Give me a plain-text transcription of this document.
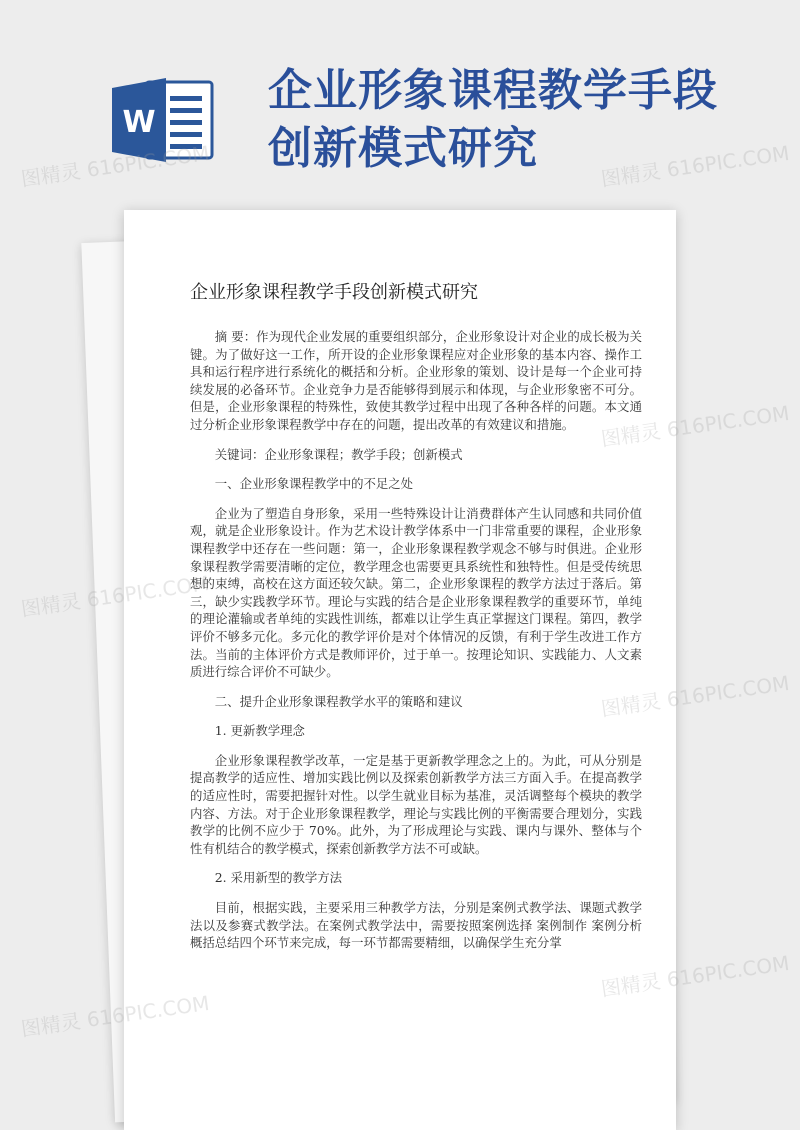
W
企业形象课程教学手段
创新模式研究
企业形象课程教学手段创新模式研究

摘 要：作为现代企业发展的重要组织部分，企业形象设计对企业的成长极为关键。为了做好这一工作，所开设的企业形象课程应对企业形象的基本内容、操作工具和运行程序进行系统化的概括和分析。企业形象的策划、设计是每一个企业可持续发展的必备环节。企业竞争力是否能够得到展示和体现，与企业形象密不可分。但是，企业形象课程的特殊性，致使其教学过程中出现了各种各样的问题。本文通过分析企业形象课程教学中存在的问题，提出改革的有效建议和措施。

关键词：企业形象课程；教学手段；创新模式

一、企业形象课程教学中的不足之处

企业为了塑造自身形象，采用一些特殊设计让消费群体产生认同感和共同价值观，就是企业形象设计。作为艺术设计教学体系中一门非常重要的课程，企业形象课程教学中还存在一些问题：第一，企业形象课程教学观念不够与时俱进。企业形象课程教学需要清晰的定位，教学理念也需要更具系统性和独特性。但是受传统思想的束缚，高校在这方面还较欠缺。第二，企业形象课程的教学方法过于落后。第三，缺少实践教学环节。理论与实践的结合是企业形象课程教学的重要环节，单纯的理论灌输或者单纯的实践性训练，都难以让学生真正掌握这门课程。第四，教学评价不够多元化。多元化的教学评价是对个体情况的反馈，有利于学生改进工作方法。当前的主体评价方式是教师评价，过于单一。按理论知识、实践能力、人文素质进行综合评价不可缺少。

二、提升企业形象课程教学水平的策略和建议

1. 更新教学理念

企业形象课程教学改革，一定是基于更新教学理念之上的。为此，可从分别是提高教学的适应性、增加实践比例以及探索创新教学方法三方面入手。在提高教学的适应性时，需要把握针对性。以学生就业目标为基准，灵活调整每个模块的教学内容、方法。对于企业形象课程教学，理论与实践比例的平衡需要合理划分，实践教学的比例不应少于 70%。此外，为了形成理论与实践、课内与课外、整体与个性有机结合的教学模式，探索创新教学方法不可或缺。

2. 采用新型的教学方法

目前，根据实践，主要采用三种教学方法，分别是案例式教学法、课题式教学法以及参赛式教学法。在案例式教学法中，需要按照案例选择 案例制作 案例分析 概括总结四个环节来完成，每一环节都需要精细，以确保学生充分掌

图精灵 616PIC.COM	图精灵 616PIC.COM
图精灵 616PIC.COM
图精灵 616PIC.COM
图精灵 616PIC.COM
图精灵 616PIC.COM
图精灵 616PIC.COM
